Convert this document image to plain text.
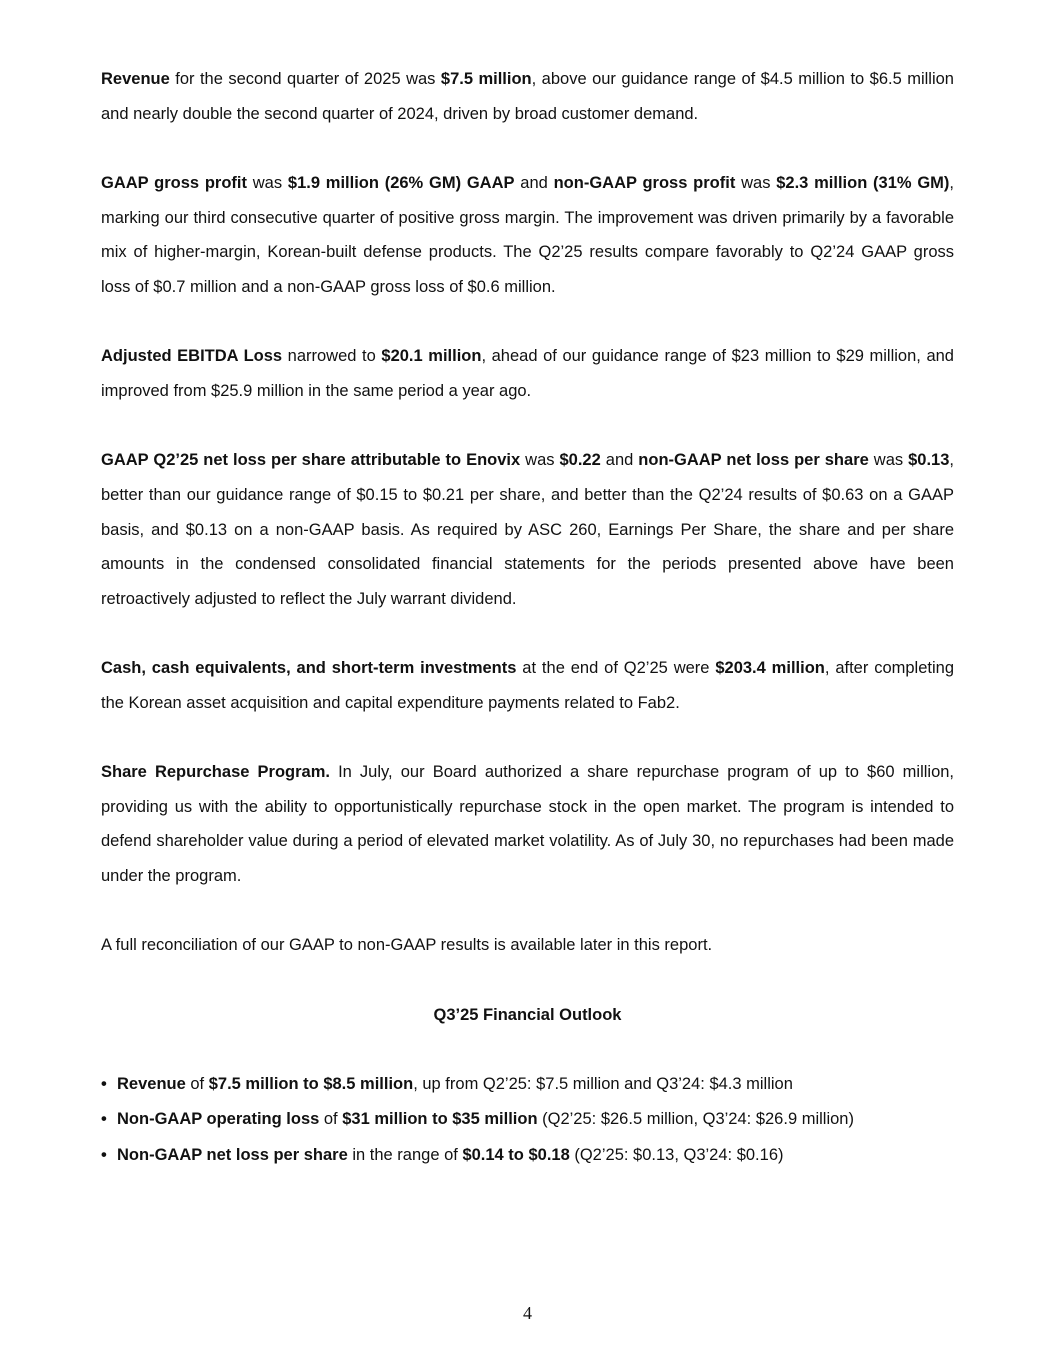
Revenue for the second quarter of 2025 was $7.5 million, above our guidance range of $4.5 million to $6.5 million and nearly double the second quarter of 2024, driven by broad customer demand.

GAAP gross profit was $1.9 million (26% GM) GAAP and non-GAAP gross profit was $2.3 million (31% GM), marking our third consecutive quarter of positive gross margin. The improvement was driven primarily by a favorable mix of higher-margin, Korean-built defense products. The Q2’25 results compare favorably to Q2’24 GAAP gross loss of $0.7 million and a non-GAAP gross loss of $0.6 million.

Adjusted EBITDA Loss narrowed to $20.1 million, ahead of our guidance range of $23 million to $29 million, and improved from $25.9 million in the same period a year ago.

GAAP Q2’25 net loss per share attributable to Enovix was $0.22 and non-GAAP net loss per share was $0.13, better than our guidance range of $0.15 to $0.21 per share, and better than the Q2’24 results of $0.63 on a GAAP basis, and $0.13 on a non-GAAP basis. As required by ASC 260, Earnings Per Share, the share and per share amounts in the condensed consolidated financial statements for the periods presented above have been retroactively adjusted to reflect the July warrant dividend.

Cash, cash equivalents, and short-term investments at the end of Q2’25 were $203.4 million, after completing the Korean asset acquisition and capital expenditure payments related to Fab2.

Share Repurchase Program. In July, our Board authorized a share repurchase program of up to $60 million, providing us with the ability to opportunistically repurchase stock in the open market. The program is intended to defend shareholder value during a period of elevated market volatility. As of July 30, no repurchases had been made under the program.

A full reconciliation of our GAAP to non-GAAP results is available later in this report.

Q3’25 Financial Outlook
• Revenue of $7.5 million to $8.5 million, up from Q2’25: $7.5 million and Q3’24: $4.3 million
• Non-GAAP operating loss of $31 million to $35 million (Q2’25: $26.5 million, Q3’24: $26.9 million)
• Non-GAAP net loss per share in the range of $0.14 to $0.18 (Q2’25: $0.13, Q3’24: $0.16)
4
